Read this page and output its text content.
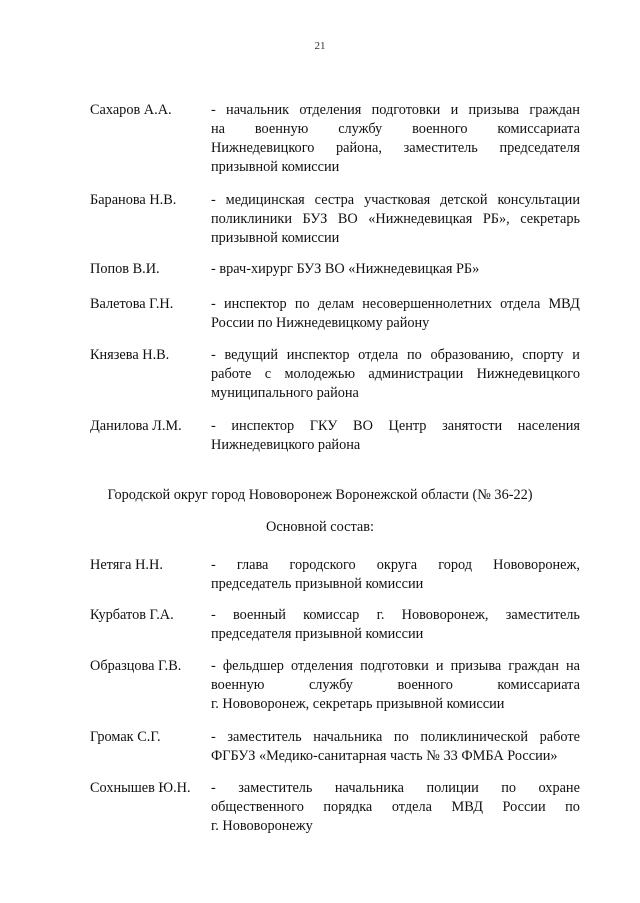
21
Сахаров А.А.	- начальник отделения подготовки и призыва граждан
на военную службу военного комиссариата
Нижнедевицкого района, заместитель председателя
призывной комиссии
Баранова Н.В.	- медицинская сестра участковая детской консультации
поликлиники БУЗ ВО «Нижнедевицкая РБ», секретарь
призывной комиссии
Попов В.И.	- врач-хирург БУЗ ВО «Нижнедевицкая РБ»
Валетова Г.Н.	- инспектор по делам несовершеннолетних отдела МВД
России по Нижнедевицкому району
Князева Н.В.	- ведущий инспектор отдела по образованию, спорту и
работе с молодежью администрации Нижнедевицкого
муниципального района
Данилова Л.М.	- инспектор ГКУ ВО Центр занятости населения
Нижнедевицкого района
Городской округ город Нововоронеж Воронежской области (№ 36-22)
Основной состав:
Нетяга Н.Н.	- глава городского округа город Нововоронеж,
председатель призывной комиссии
Курбатов Г.А.	- военный комиссар г. Нововоронеж, заместитель
председателя призывной комиссии
Образцова Г.В.	- фельдшер отделения подготовки и призыва граждан на
военную	службу	военного	комиссариата
г. Нововоронеж, секретарь призывной комиссии
Громак С.Г.	- заместитель начальника по поликлинической работе
ФГБУЗ «Медико-санитарная часть № 33 ФМБА России»
Сохнышев Ю.Н.	- заместитель начальника полиции по охране
общественного порядка отдела МВД России по
г. Нововоронежу
